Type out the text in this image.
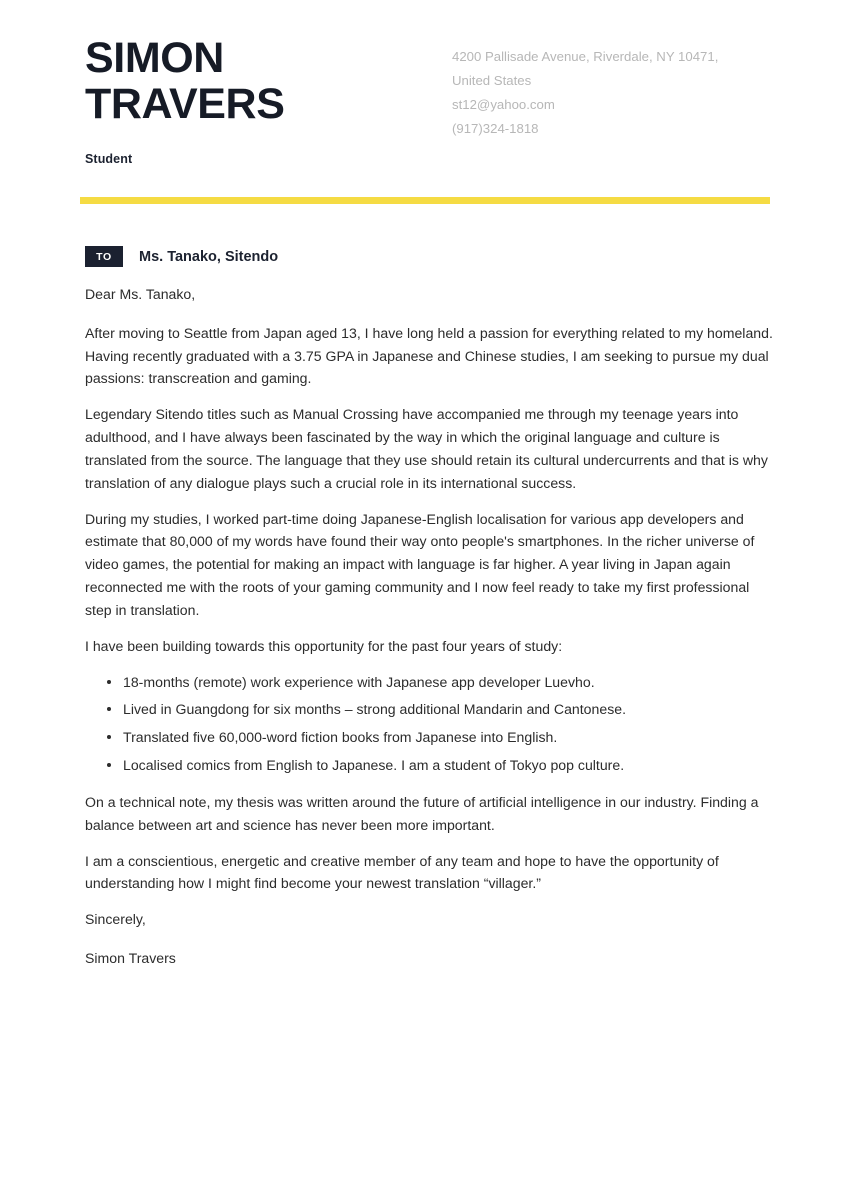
SIMON
TRAVERS
Student
4200 Pallisade Avenue, Riverdale, NY 10471,
United States
st12@yahoo.com
(917)324-1818
TO	Ms. Tanako, Sitendo

Dear Ms. Tanako,

After moving to Seattle from Japan aged 13, I have long held a passion for everything related to my homeland. Having recently graduated with a 3.75 GPA in Japanese and Chinese studies, I am seeking to pursue my dual passions: transcreation and gaming.

Legendary Sitendo titles such as Manual Crossing have accompanied me through my teenage years into adulthood, and I have always been fascinated by the way in which the original language and culture is translated from the source. The language that they use should retain its cultural undercurrents and that is why translation of any dialogue plays such a crucial role in its international success.

During my studies, I worked part-time doing Japanese-English localisation for various app developers and estimate that 80,000 of my words have found their way onto people's smartphones. In the richer universe of video games, the potential for making an impact with language is far higher. A year living in Japan again reconnected me with the roots of your gaming community and I now feel ready to take my first professional step in translation.

I have been building towards this opportunity for the past four years of study:

18-months (remote) work experience with Japanese app developer Luevho.
Lived in Guangdong for six months – strong additional Mandarin and Cantonese.
Translated five 60,000-word fiction books from Japanese into English.
Localised comics from English to Japanese. I am a student of Tokyo pop culture.

On a technical note, my thesis was written around the future of artificial intelligence in our industry. Finding a balance between art and science has never been more important.

I am a conscientious, energetic and creative member of any team and hope to have the opportunity of understanding how I might find become your newest translation “villager.”

Sincerely,

Simon Travers
